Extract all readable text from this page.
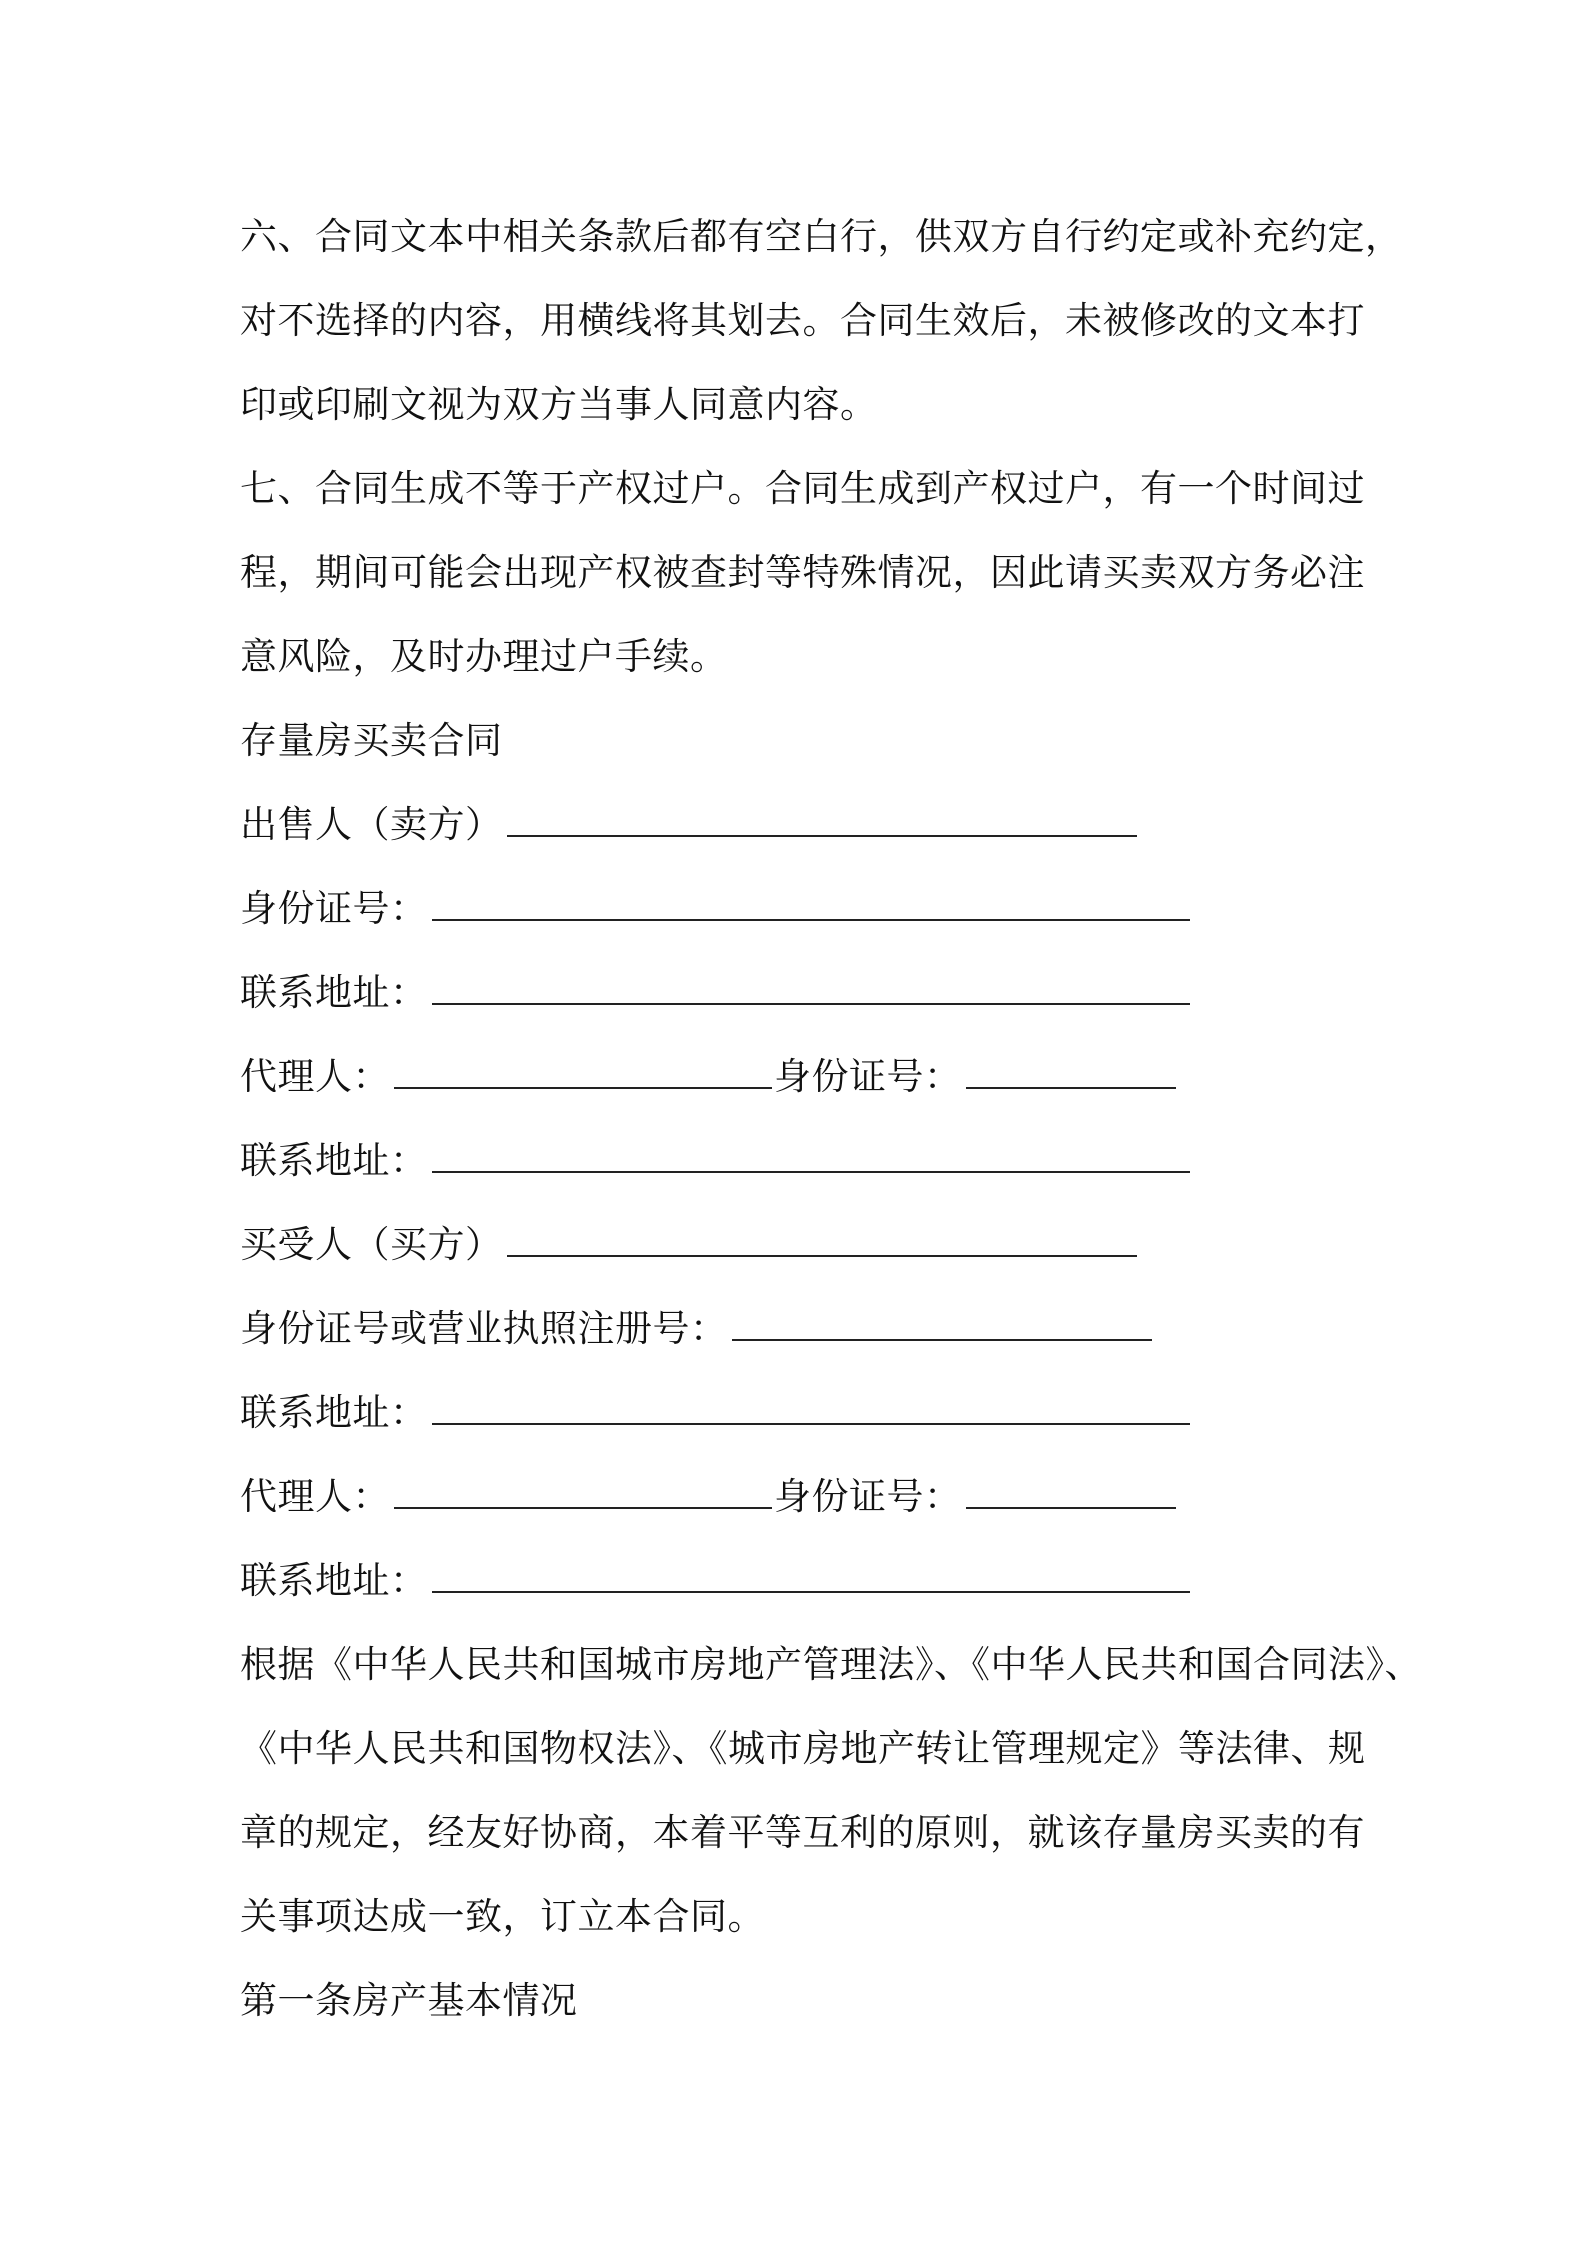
六、合同文本中相关条款后都有空白行，供双方自行约定或补充约定，
对不选择的内容，用横线将其划去。合同生效后，未被修改的文本打
印或印刷文视为双方当事人同意内容。
七、合同生成不等于产权过户。合同生成到产权过户，有一个时间过
程，期间可能会出现产权被查封等特殊情况，因此请买卖双方务必注
意风险，及时办理过户手续。
存量房买卖合同
出售人（卖方）
身份证号：
联系地址：
代理人：	身份证号：
联系地址：
买受人（买方）
身份证号或营业执照注册号：
联系地址：
代理人：	身份证号：
联系地址：
根据《中华人民共和国城市房地产管理法》、《中华人民共和国合同法》、
《中华人民共和国物权法》、《城市房地产转让管理规定》等法律、规
章的规定，经友好协商，本着平等互利的原则，就该存量房买卖的有
关事项达成一致，订立本合同。
第一条房产基本情况
